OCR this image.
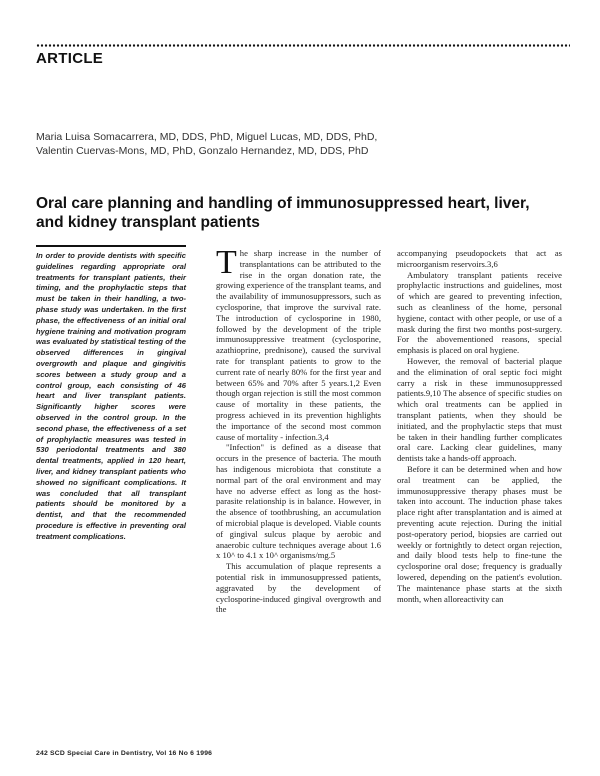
ARTICLE
Maria Luisa Somacarrera, MD, DDS, PhD, Miguel Lucas, MD, DDS, PhD,
Valentin Cuervas-Mons, MD, PhD, Gonzalo Hernandez, MD, DDS, PhD
Oral care planning and handling of immunosuppressed heart, liver, and kidney transplant patients

In order to provide dentists with specific guidelines regarding appropriate oral treatments for transplant patients, their timing, and the prophylactic steps that must be taken in their handling, a two-phase study was undertaken. In the first phase, the effectiveness of an initial oral hygiene training and motivation program was evaluated by statistical testing of the observed differences in gingival overgrowth and plaque and gingivitis scores between a study group and a control group, each consisting of 46 heart and liver transplant patients. Significantly higher scores were observed in the control group. In the second phase, the effectiveness of a set of prophylactic measures was tested in 530 periodontal treatments and 380 dental treatments, applied in 120 heart, liver, and kidney transplant patients who showed no significant complications. It was concluded that all transplant patients should be monitored by a dentist, and that the recommended procedure is effective in preventing oral treatment complications.

T he sharp increase in the number of transplantations can be attributed to the rise in the organ donation rate, the growing experience of the transplant teams, and the availability of immunosuppressors, such as cyclosporine, that improve the survival rate. The introduction of cyclosporine in 1980, followed by the development of the triple immunosuppressive treatment (cyclosporine, azathioprine, prednisone), caused the survival rate for transplant patients to grow to the current rate of nearly 80% for the first year and between 65% and 70% after 5 years.1,2 Even though organ rejection is still the most common cause of mortality in these patients, the progress achieved in its prevention highlights the importance of the second most common cause of mortality - infection.3,4

"Infection" is defined as a disease that occurs in the presence of bacteria. The mouth has indigenous microbiota that constitute a normal part of the oral environment and may have no adverse effect as long as the host-parasite relationship is in balance. However, in the absence of toothbrushing, an accumulation of microbial plaque is developed. Viable counts of gingival sulcus plaque by aerobic and anaerobic culture techniques average about 1.6 x 10^ to 4.1 x 10^ organisms/mg.5

This accumulation of plaque represents a potential risk in immunosuppressed patients, aggravated by the development of cyclosporine-induced gingival overgrowth and the

accompanying pseudopockets that act as microorganism reservoirs.3,6

Ambulatory transplant patients receive prophylactic instructions and guidelines, most of which are geared to preventing infection, such as cleanliness of the home, personal hygiene, contact with other people, or use of a mask during the first two months post-surgery. For the abovementioned reasons, special emphasis is placed on oral hygiene.

However, the removal of bacterial plaque and the elimination of oral septic foci might carry a risk in these immunosuppressed patients.9,10 The absence of specific studies on which oral treatments can be applied in transplant patients, when they should be initiated, and the prophylactic steps that must be taken in their handling further complicates oral care. Lacking clear guidelines, many dentists take a hands-off approach.

Before it can be determined when and how oral treatment can be applied, the immunosuppressive therapy phases must be taken into account. The induction phase takes place right after transplantation and is aimed at preventing acute rejection. During the initial post-operatory period, biopsies are carried out weekly or fortnightly to detect organ rejection, and daily blood tests help to fine-tune the cyclosporine oral dose; frequency is gradually lowered, depending on the patient's evolution. The maintenance phase starts at the sixth month, when alloreactivity can

242 SCD Special Care in Dentistry, Vol 16 No 6 1996
